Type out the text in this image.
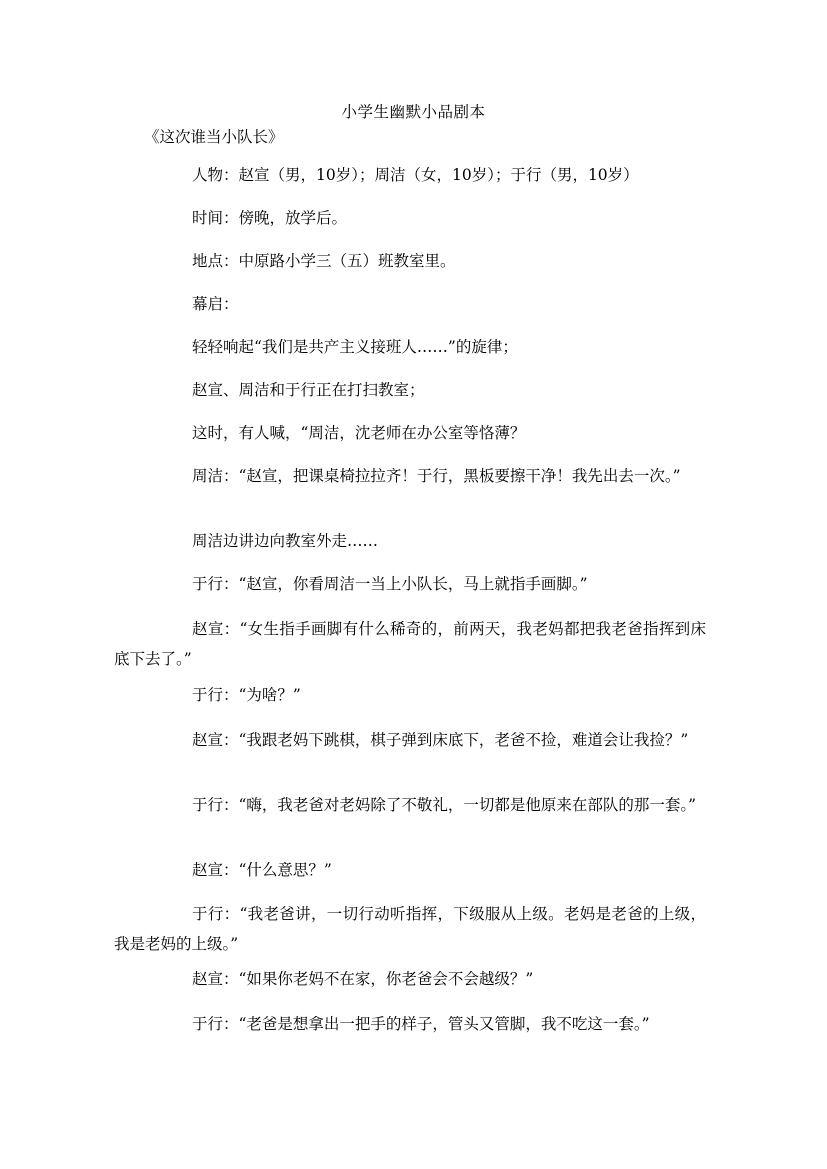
小学生幽默小品剧本
《这次谁当小队长》

人物：赵宣（男，10岁）；周洁（女，10岁）；于行（男，10岁）

时间：傍晚，放学后。

地点：中原路小学三（五）班教室里。

幕启：

轻轻响起“我们是共产主义接班人……”的旋律；

赵宣、周洁和于行正在打扫教室；

这时，有人喊，“周洁，沈老师在办公室等恪薄？

周洁：“赵宣，把课桌椅拉拉齐！于行，黑板要擦干净！我先出去一次。”

周洁边讲边向教室外走……

于行：“赵宣，你看周洁一当上小队长，马上就指手画脚。”

赵宣：“女生指手画脚有什么稀奇的，前两天，我老妈都把我老爸指挥到床底下去了。”

于行：“为啥？”

赵宣：“我跟老妈下跳棋，棋子弹到床底下，老爸不捡，难道会让我捡？”

于行：“嗨，我老爸对老妈除了不敬礼，一切都是他原来在部队的那一套。”

赵宣：“什么意思？”

于行：“我老爸讲，一切行动听指挥，下级服从上级。老妈是老爸的上级，我是老妈的上级。”

赵宣：“如果你老妈不在家，你老爸会不会越级？”

于行：“老爸是想拿出一把手的样子，管头又管脚，我不吃这一套。”
